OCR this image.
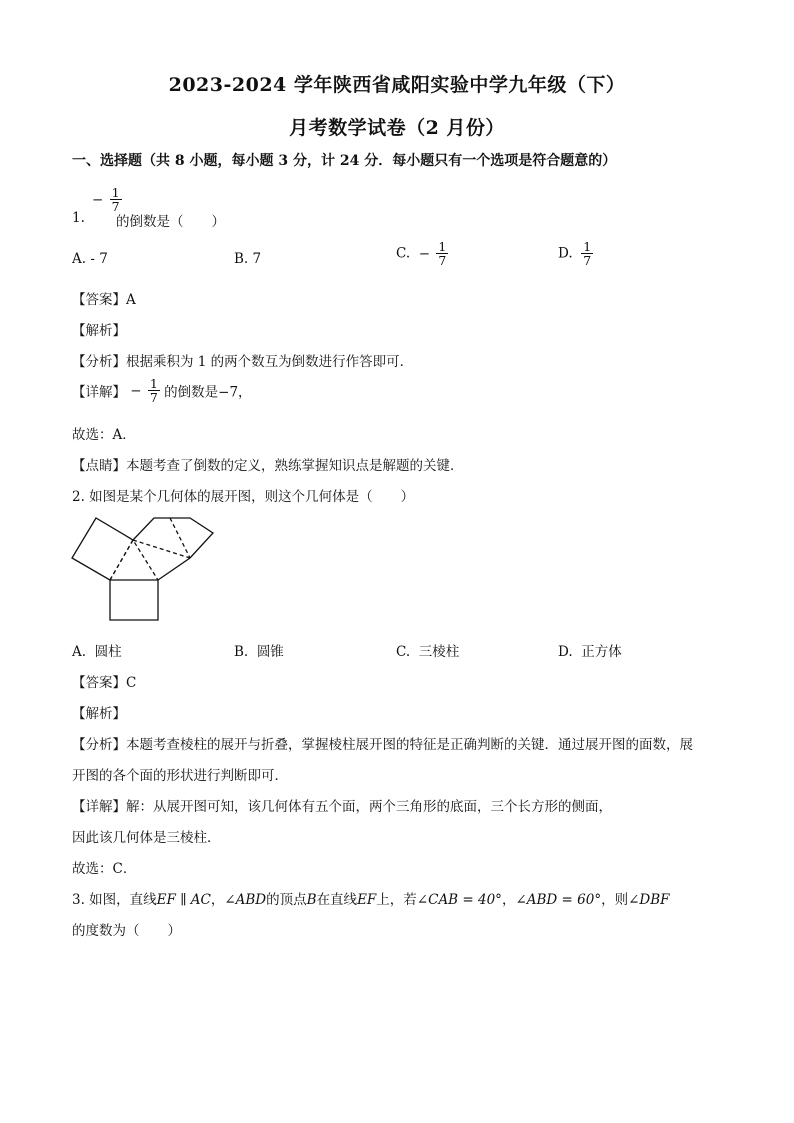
2023-2024 学年陕西省咸阳实验中学九年级（下）
月考数学试卷（2 月份）
一、选择题（共 8 小题，每小题 3 分，计 24 分．每小题只有一个选项是符合题意的）
1.
− $\frac{1}{7}$
的倒数是（ ）
A. - 7	B. 7	C. − $\frac{1}{7}$	D. $\frac{1}{7}$
【答案】A
【解析】
【分析】根据乘积为 1 的两个数互为倒数进行作答即可．
【详解】 − $\frac{1}{7}$ 的倒数是−7，
故选：A．
【点睛】本题考查了倒数的定义，熟练掌握知识点是解题的关键．
2. 如图是某个几何体的展开图，则这个几何体是（ ）
A. 圆柱	B. 圆锥	C. 三棱柱	D. 正方体
【答案】C
【解析】
【分析】本题考查棱柱的展开与折叠，掌握棱柱展开图的特征是正确判断的关键．通过展开图的面数，展
开图的各个面的形状进行判断即可．
【详解】解：从展开图可知，该几何体有五个面，两个三角形的底面，三个长方形的侧面，
因此该几何体是三棱柱．
故选：C．
3. 如图，直线EF ∥ AC，∠ABD的顶点B在直线EF上，若∠CAB = 40°，∠ABD = 60°，则∠DBF
的度数为（ ）
